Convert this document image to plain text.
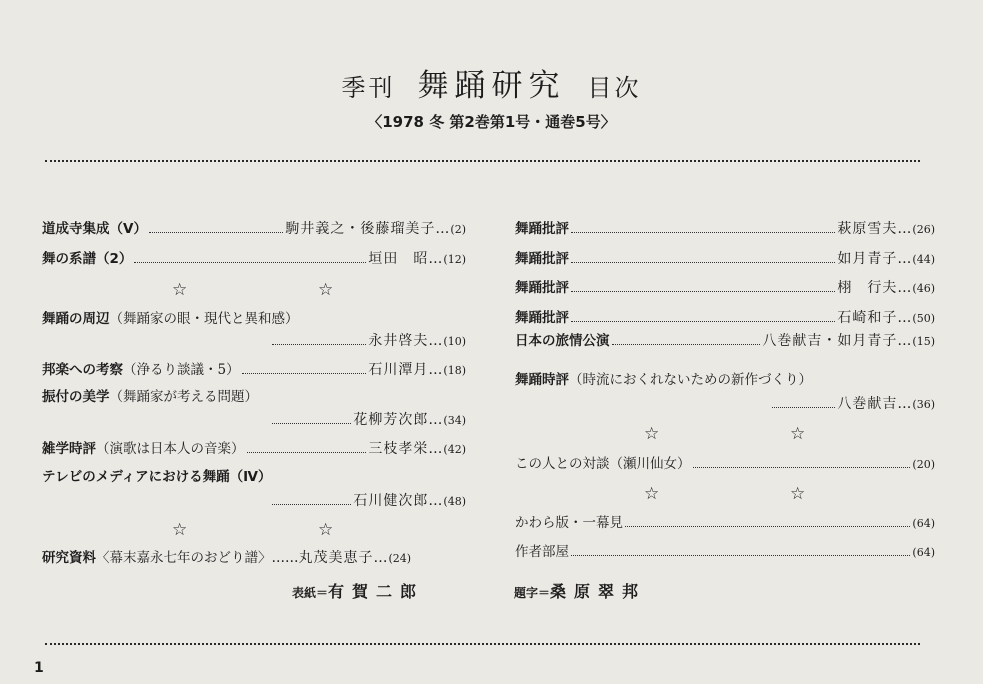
季刊 舞踊研究 目次
〈1978 冬 第2巻第1号・通巻5号〉
道成寺集成（Ⅴ）	駒井義之・後藤瑠美子… (2)
舞の系譜（2）	垣田　昭… (12)
☆	☆
舞踊の周辺 （舞踊家の眼・現代と異和感）
永井啓夫… (10)
邦楽への考察 （浄るり談議・5）	石川潭月… (18)
振付の美学 （舞踊家が考える問題）
花柳芳次郎… (34)
雑学時評 （演歌は日本人の音楽）	三枝孝栄… (42)
テレビのメディアにおける舞踊（Ⅳ）
石川健次郎… (48)
☆	☆
研究資料 〈幕末嘉永七年のおどり譜〉…… 丸茂美恵子… (24)
表紙＝有賀二郎
舞踊批評	萩原雪夫… (26)
舞踊批評	如月青子… (44)
舞踊批評	栩　行夫… (46)
舞踊批評	石崎和子… (50)
日本の旅情公演	八巻献吉・如月青子… (15)
舞踊時評 （時流におくれないための新作づくり）
八巻献吉… (36)
☆	☆
この人との対談（瀬川仙女）	(20)
☆	☆
かわら版・一幕見	(64)
作者部屋	(64)
題字＝桑原翠邦
1
